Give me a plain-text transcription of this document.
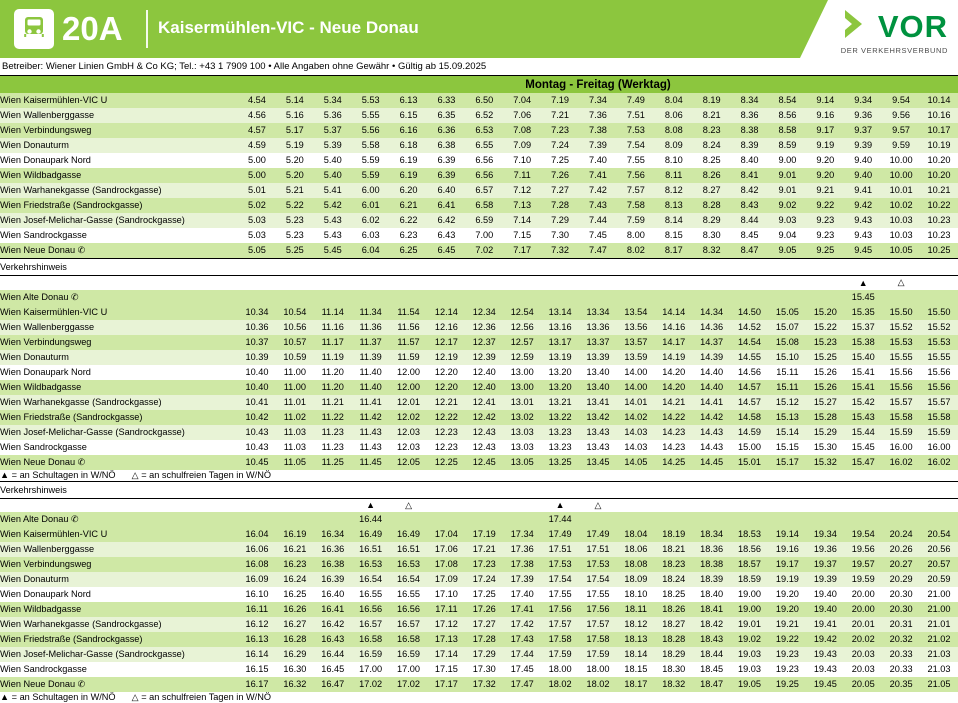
20A Kaisermühlen-VIC - Neue Donau	VOR
DER VERKEHRSVERBUND
Betreiber: Wiener Linien GmbH & Co KG; Tel.: +43 1 7909 100 • Alle Angaben ohne Gewähr • Gültig ab 15.09.2025
	Montag - Freitag (Werktag)																		
Wien Kaisermühlen-VIC U	4.54	5.14	5.34	5.53	6.13	6.33	6.50	7.04	7.19	7.34	7.49	8.04	8.19	8.34	8.54	9.14	9.34	9.54	10.14
Wien Wallenberggasse	4.56	5.16	5.36	5.55	6.15	6.35	6.52	7.06	7.21	7.36	7.51	8.06	8.21	8.36	8.56	9.16	9.36	9.56	10.16
Wien Verbindungsweg	4.57	5.17	5.37	5.56	6.16	6.36	6.53	7.08	7.23	7.38	7.53	8.08	8.23	8.38	8.58	9.17	9.37	9.57	10.17
Wien Donauturm	4.59	5.19	5.39	5.58	6.18	6.38	6.55	7.09	7.24	7.39	7.54	8.09	8.24	8.39	8.59	9.19	9.39	9.59	10.19
Wien Donaupark Nord	5.00	5.20	5.40	5.59	6.19	6.39	6.56	7.10	7.25	7.40	7.55	8.10	8.25	8.40	9.00	9.20	9.40	10.00	10.20
Wien Wildbadgasse	5.00	5.20	5.40	5.59	6.19	6.39	6.56	7.11	7.26	7.41	7.56	8.11	8.26	8.41	9.01	9.20	9.40	10.00	10.20
Wien Warhanekgasse (Sandrockgasse)	5.01	5.21	5.41	6.00	6.20	6.40	6.57	7.12	7.27	7.42	7.57	8.12	8.27	8.42	9.01	9.21	9.41	10.01	10.21
Wien Friedstraße (Sandrockgasse)	5.02	5.22	5.42	6.01	6.21	6.41	6.58	7.13	7.28	7.43	7.58	8.13	8.28	8.43	9.02	9.22	9.42	10.02	10.22
Wien Josef-Melichar-Gasse (Sandrockgasse)	5.03	5.23	5.43	6.02	6.22	6.42	6.59	7.14	7.29	7.44	7.59	8.14	8.29	8.44	9.03	9.23	9.43	10.03	10.23
Wien Sandrockgasse	5.03	5.23	5.43	6.03	6.23	6.43	7.00	7.15	7.30	7.45	8.00	8.15	8.30	8.45	9.04	9.23	9.43	10.03	10.23
Wien Neue Donau ✆	5.05	5.25	5.45	6.04	6.25	6.45	7.02	7.17	7.32	7.47	8.02	8.17	8.32	8.47	9.05	9.25	9.45	10.05	10.25
Verkehrshinweis																			
																	▲	△	
Wien Alte Donau ✆																	15.45		
Wien Kaisermühlen-VIC U	10.34	10.54	11.14	11.34	11.54	12.14	12.34	12.54	13.14	13.34	13.54	14.14	14.34	14.50	15.05	15.20	15.35	15.50	15.50
Wien Wallenberggasse	10.36	10.56	11.16	11.36	11.56	12.16	12.36	12.56	13.16	13.36	13.56	14.16	14.36	14.52	15.07	15.22	15.37	15.52	15.52
Wien Verbindungsweg	10.37	10.57	11.17	11.37	11.57	12.17	12.37	12.57	13.17	13.37	13.57	14.17	14.37	14.54	15.08	15.23	15.38	15.53	15.53
Wien Donauturm	10.39	10.59	11.19	11.39	11.59	12.19	12.39	12.59	13.19	13.39	13.59	14.19	14.39	14.55	15.10	15.25	15.40	15.55	15.55
Wien Donaupark Nord	10.40	11.00	11.20	11.40	12.00	12.20	12.40	13.00	13.20	13.40	14.00	14.20	14.40	14.56	15.11	15.26	15.41	15.56	15.56
Wien Wildbadgasse	10.40	11.00	11.20	11.40	12.00	12.20	12.40	13.00	13.20	13.40	14.00	14.20	14.40	14.57	15.11	15.26	15.41	15.56	15.56
Wien Warhanekgasse (Sandrockgasse)	10.41	11.01	11.21	11.41	12.01	12.21	12.41	13.01	13.21	13.41	14.01	14.21	14.41	14.57	15.12	15.27	15.42	15.57	15.57
Wien Friedstraße (Sandrockgasse)	10.42	11.02	11.22	11.42	12.02	12.22	12.42	13.02	13.22	13.42	14.02	14.22	14.42	14.58	15.13	15.28	15.43	15.58	15.58
Wien Josef-Melichar-Gasse (Sandrockgasse)	10.43	11.03	11.23	11.43	12.03	12.23	12.43	13.03	13.23	13.43	14.03	14.23	14.43	14.59	15.14	15.29	15.44	15.59	15.59
Wien Sandrockgasse	10.43	11.03	11.23	11.43	12.03	12.23	12.43	13.03	13.23	13.43	14.03	14.23	14.43	15.00	15.15	15.30	15.45	16.00	16.00
Wien Neue Donau ✆	10.45	11.05	11.25	11.45	12.05	12.25	12.45	13.05	13.25	13.45	14.05	14.25	14.45	15.01	15.17	15.32	15.47	16.02	16.02
▲ = an Schultagen in W/NÖ △ = an schulfreien Tagen in W/NÖ																			
Verkehrshinweis																			
				▲	△				▲	△									
Wien Alte Donau ✆				16.44					17.44										
Wien Kaisermühlen-VIC U	16.04	16.19	16.34	16.49	16.49	17.04	17.19	17.34	17.49	17.49	18.04	18.19	18.34	18.53	19.14	19.34	19.54	20.24	20.54
Wien Wallenberggasse	16.06	16.21	16.36	16.51	16.51	17.06	17.21	17.36	17.51	17.51	18.06	18.21	18.36	18.56	19.16	19.36	19.56	20.26	20.56
Wien Verbindungsweg	16.08	16.23	16.38	16.53	16.53	17.08	17.23	17.38	17.53	17.53	18.08	18.23	18.38	18.57	19.17	19.37	19.57	20.27	20.57
Wien Donauturm	16.09	16.24	16.39	16.54	16.54	17.09	17.24	17.39	17.54	17.54	18.09	18.24	18.39	18.59	19.19	19.39	19.59	20.29	20.59
Wien Donaupark Nord	16.10	16.25	16.40	16.55	16.55	17.10	17.25	17.40	17.55	17.55	18.10	18.25	18.40	19.00	19.20	19.40	20.00	20.30	21.00
Wien Wildbadgasse	16.11	16.26	16.41	16.56	16.56	17.11	17.26	17.41	17.56	17.56	18.11	18.26	18.41	19.00	19.20	19.40	20.00	20.30	21.00
Wien Warhanekgasse (Sandrockgasse)	16.12	16.27	16.42	16.57	16.57	17.12	17.27	17.42	17.57	17.57	18.12	18.27	18.42	19.01	19.21	19.41	20.01	20.31	21.01
Wien Friedstraße (Sandrockgasse)	16.13	16.28	16.43	16.58	16.58	17.13	17.28	17.43	17.58	17.58	18.13	18.28	18.43	19.02	19.22	19.42	20.02	20.32	21.02
Wien Josef-Melichar-Gasse (Sandrockgasse)	16.14	16.29	16.44	16.59	16.59	17.14	17.29	17.44	17.59	17.59	18.14	18.29	18.44	19.03	19.23	19.43	20.03	20.33	21.03
Wien Sandrockgasse	16.15	16.30	16.45	17.00	17.00	17.15	17.30	17.45	18.00	18.00	18.15	18.30	18.45	19.03	19.23	19.43	20.03	20.33	21.03
Wien Neue Donau ✆	16.17	16.32	16.47	17.02	17.02	17.17	17.32	17.47	18.02	18.02	18.17	18.32	18.47	19.05	19.25	19.45	20.05	20.35	21.05
▲ = an Schultagen in W/NÖ △ = an schulfreien Tagen in W/NÖ																			
